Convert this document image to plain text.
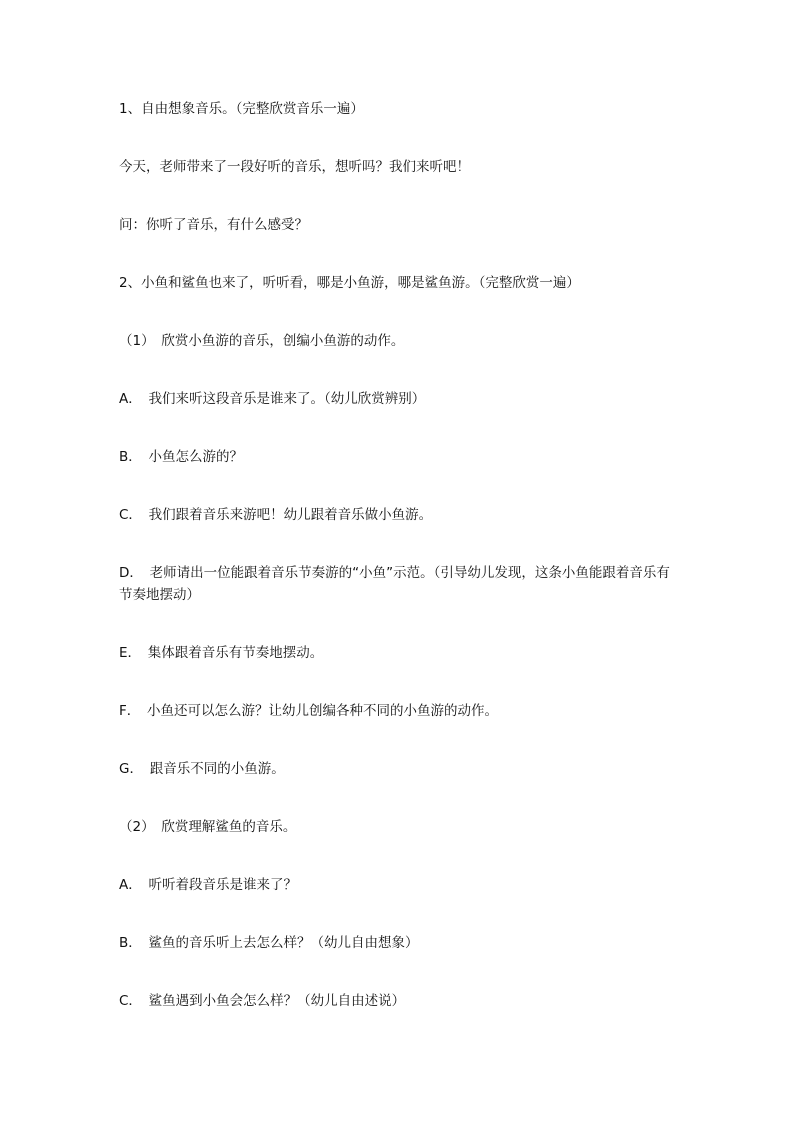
1、自由想象音乐。（完整欣赏音乐一遍）

今天，老师带来了一段好听的音乐，想听吗？我们来听吧！

问：你听了音乐，有什么感受？

2、小鱼和鲨鱼也来了，听听看，哪是小鱼游，哪是鲨鱼游。（完整欣赏一遍）

（1）　欣赏小鱼游的音乐，创编小鱼游的动作。

A．　我们来听这段音乐是谁来了。（幼儿欣赏辨别）

B．　小鱼怎么游的？

C．　我们跟着音乐来游吧！幼儿跟着音乐做小鱼游。

D．　老师请出一位能跟着音乐节奏游的“小鱼”示范。（引导幼儿发现，这条小鱼能跟着音乐有节奏地摆动）

E．　集体跟着音乐有节奏地摆动。

F．　小鱼还可以怎么游？让幼儿创编各种不同的小鱼游的动作。

G．　跟音乐不同的小鱼游。

（2）　欣赏理解鲨鱼的音乐。

A．　听听着段音乐是谁来了？

B．　鲨鱼的音乐听上去怎么样？（幼儿自由想象）

C．　鲨鱼遇到小鱼会怎么样？（幼儿自由述说）
